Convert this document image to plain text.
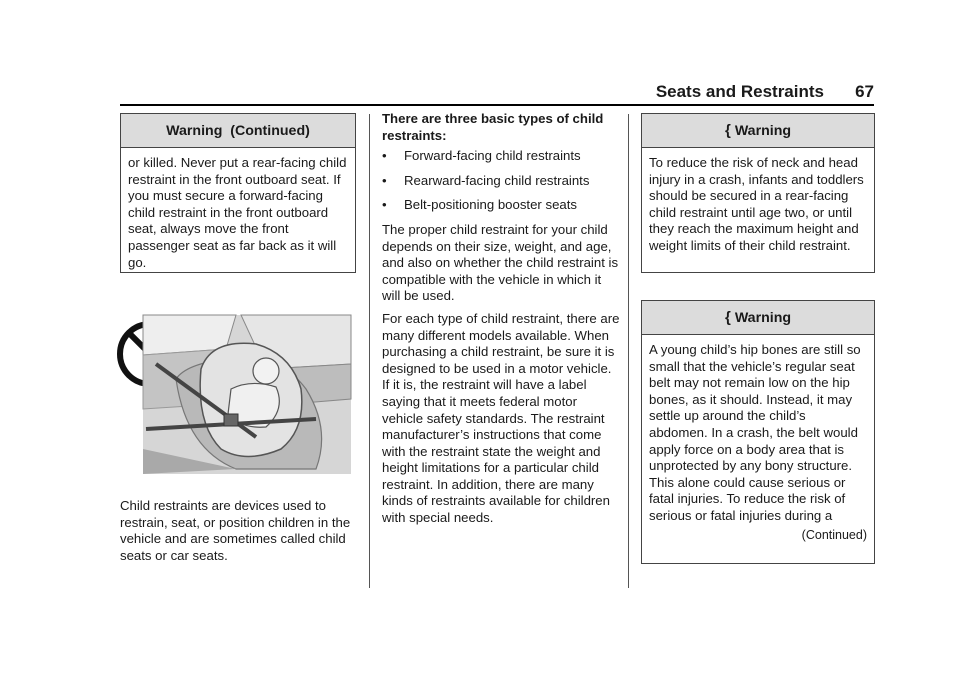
Seats and Restraints 67
Warning  (Continued)
or killed. Never put a rear-facing child restraint in the front outboard seat. If you must secure a forward-facing child restraint in the front outboard seat, always move the front passenger seat as far back as it will go.

Child restraints are devices used to restrain, seat, or position children in the vehicle and are sometimes called child seats or car seats.

There are three basic types of child restraints:

•	Forward-facing child restraints
•	Rearward-facing child restraints
•	Belt-positioning booster seats

The proper child restraint for your child depends on their size, weight, and age, and also on whether the child restraint is compatible with the vehicle in which it will be used.

For each type of child restraint, there are many different models available. When purchasing a child restraint, be sure it is designed to be used in a motor vehicle. If it is, the restraint will have a label saying that it meets federal motor vehicle safety standards. The restraint manufacturer’s instructions that come with the restraint state the weight and height limitations for a particular child restraint. In addition, there are many kinds of restraints available for children with special needs.

{ Warning
To reduce the risk of neck and head injury in a crash, infants and toddlers should be secured in a rear-facing child restraint until age two, or until they reach the maximum height and weight limits of their child restraint.
{ Warning
A young child’s hip bones are still so small that the vehicle’s regular seat belt may not remain low on the hip bones, as it should. Instead, it may settle up around the child’s abdomen. In a crash, the belt would apply force on a body area that is unprotected by any bony structure. This alone could cause serious or fatal injuries. To reduce the risk of serious or fatal injuries during a
(Continued)
